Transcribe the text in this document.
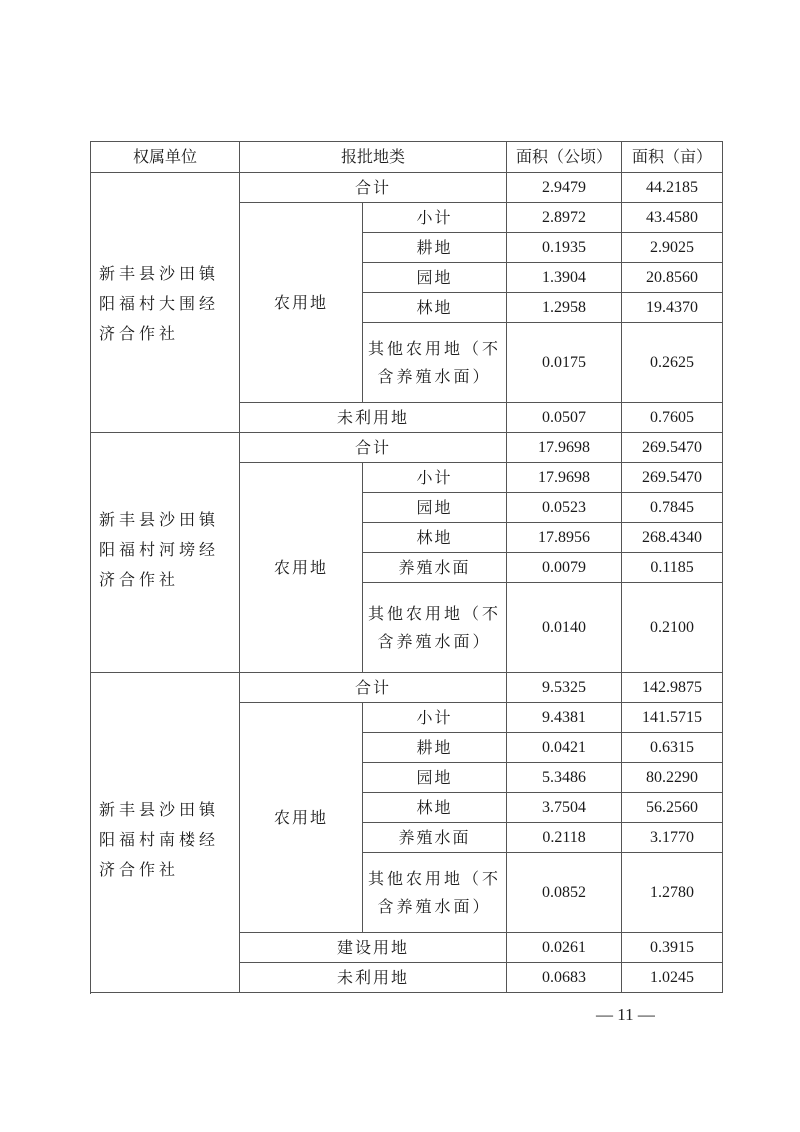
权属单位	报批地类		面积（公顷）	面积（亩）
新丰县沙田镇阳福村大围经济合作社	合计		2.9479	44.2185
	农用地	小计	2.8972	43.4580
		耕地	0.1935	2.9025
		园地	1.3904	20.8560
		林地	1.2958	19.4370
		其他农用地（不含养殖水面）	0.0175	0.2625
	未利用地		0.0507	0.7605

新丰县沙田镇阳福村河塝经济合作社	合计		17.9698	269.5470
	农用地	小计	17.9698	269.5470
		园地	0.0523	0.7845
		林地	17.8956	268.4340
		养殖水面	0.0079	0.1185
		其他农用地（不含养殖水面）	0.0140	0.2100
新丰县沙田镇阳福村南楼经济合作社	合计		9.5325	142.9875
	农用地	小计	9.4381	141.5715
		耕地	0.0421	0.6315
		园地	5.3486	80.2290
		林地	3.7504	56.2560
		养殖水面	0.2118	3.1770
		其他农用地（不含养殖水面）	0.0852	1.2780
	建设用地		0.0261	0.3915
	未利用地		0.0683	1.0245

— 11 —
